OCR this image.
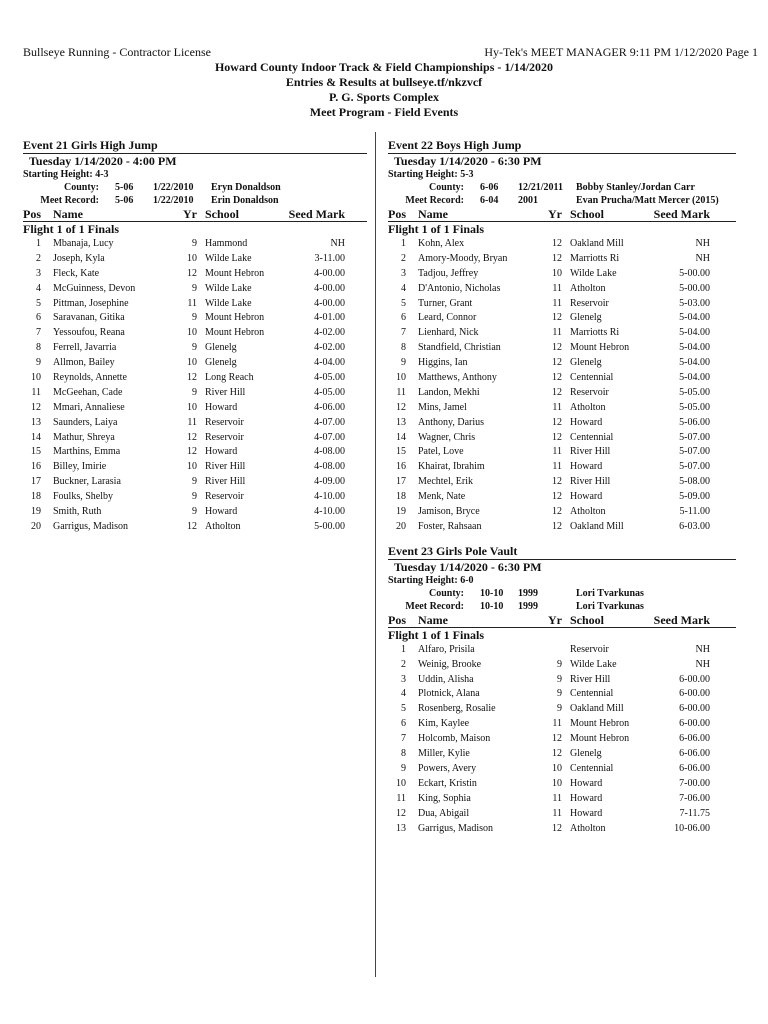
Bullseye Running - Contractor License	Hy-Tek's MEET MANAGER 9:11 PM 1/12/2020 Page 1
Howard County Indoor Track & Field Championships - 1/14/2020
Entries & Results at bullseye.tf/nkzvcf
P. G. Sports Complex
Meet Program - Field Events
Event 21 Girls High Jump
Tuesday 1/14/2020 - 4:00 PM
Starting Height: 4-3
County: 5-06 1/22/2010 Eryn Donaldson
Meet Record: 5-06 1/22/2010 Erin Donaldson
Pos Name	Yr School	Seed Mark
Flight 1 of 1 Finals
1 Mbanaja, Lucy	9 Hammond	NH
2 Joseph, Kyla	10 Wilde Lake	3-11.00
3 Fleck, Kate	12 Mount Hebron	4-00.00
4 McGuinness, Devon	9 Wilde Lake	4-00.00
5 Pittman, Josephine	11 Wilde Lake	4-00.00
6 Saravanan, Gitika	9 Mount Hebron	4-01.00
7 Yessoufou, Reana	10 Mount Hebron	4-02.00
8 Ferrell, Javarria	9 Glenelg	4-02.00
9 Allmon, Bailey	10 Glenelg	4-04.00
10 Reynolds, Annette	12 Long Reach	4-05.00
11 McGeehan, Cade	9 River Hill	4-05.00
12 Mmari, Annaliese	10 Howard	4-06.00
13 Saunders, Laiya	11 Reservoir	4-07.00
14 Mathur, Shreya	12 Reservoir	4-07.00
15 Marthins, Emma	12 Howard	4-08.00
16 Billey, Imirie	10 River Hill	4-08.00
17 Buckner, Larasia	9 River Hill	4-09.00
18 Foulks, Shelby	9 Reservoir	4-10.00
19 Smith, Ruth	9 Howard	4-10.00
20 Garrigus, Madison	12 Atholton	5-00.00
Event 22 Boys High Jump
Tuesday 1/14/2020 - 6:30 PM
Starting Height: 5-3
County: 6-06 12/21/2011 Bobby Stanley/Jordan Carr
Meet Record: 6-04 2001	Evan Prucha/Matt Mercer (2015)
Pos Name	Yr School	Seed Mark
Flight 1 of 1 Finals
1 Kohn, Alex	12 Oakland Mill	NH
2 Amory-Moody, Bryan	12 Marriotts Ri	NH
3 Tadjou, Jeffrey	10 Wilde Lake	5-00.00
4 D'Antonio, Nicholas	11 Atholton	5-00.00
5 Turner, Grant	11 Reservoir	5-03.00
6 Leard, Connor	12 Glenelg	5-04.00
7 Lienhard, Nick	11 Marriotts Ri	5-04.00
8 Standfield, Christian	12 Mount Hebron	5-04.00
9 Higgins, Ian	12 Glenelg	5-04.00
10 Matthews, Anthony	12 Centennial	5-04.00
11 Landon, Mekhi	12 Reservoir	5-05.00
12 Mins, Jamel	11 Atholton	5-05.00
13 Anthony, Darius	12 Howard	5-06.00
14 Wagner, Chris	12 Centennial	5-07.00
15 Patel, Love	11 River Hill	5-07.00
16 Khairat, Ibrahim	11 Howard	5-07.00
17 Mechtel, Erik	12 River Hill	5-08.00
18 Menk, Nate	12 Howard	5-09.00
19 Jamison, Bryce	12 Atholton	5-11.00
20 Foster, Rahsaan	12 Oakland Mill	6-03.00
Event 23 Girls Pole Vault
Tuesday 1/14/2020 - 6:30 PM
Starting Height: 6-0
County: 10-10 1999	Lori Tvarkunas
Meet Record: 10-10 1999	Lori Tvarkunas
Pos Name	Yr School	Seed Mark
Flight 1 of 1 Finals
1 Alfaro, Prisila	Reservoir	NH
2 Weinig, Brooke	9 Wilde Lake	NH
3 Uddin, Alisha	9 River Hill	6-00.00
4 Plotnick, Alana	9 Centennial	6-00.00
5 Rosenberg, Rosalie	9 Oakland Mill	6-00.00
6 Kim, Kaylee	11 Mount Hebron	6-00.00
7 Holcomb, Maison	12 Mount Hebron	6-06.00
8 Miller, Kylie	12 Glenelg	6-06.00
9 Powers, Avery	10 Centennial	6-06.00
10 Eckart, Kristin	10 Howard	7-00.00
11 King, Sophia	11 Howard	7-06.00
12 Dua, Abigail	11 Howard	7-11.75
13 Garrigus, Madison	12 Atholton	10-06.00
